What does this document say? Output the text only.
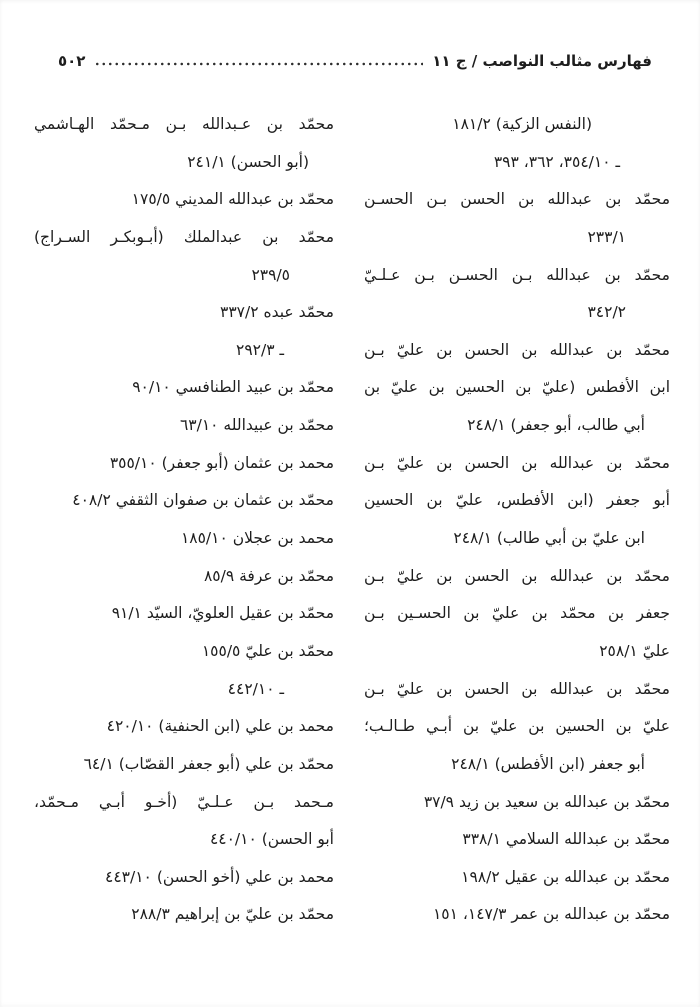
فهارس مثالب النواصب / ج ١١
٥٠٢
(النفس الزكية) ١٨١/٢
ـ ٣٥٤/١٠، ٣٦٢، ٣٩٣
محمّد بن عبدالله بن الحسن بـن الحسـن
٢٣٣/١
محمّد بن عبدالله بـن الحسـن بـن عـلـيّ
٣٤٢/٢
محمّد بن عبدالله بن الحسن بن عليّ بـن
ابن الأفطس (عليّ بن الحسين بن عليّ بن
أبي طالب، أبو جعفر) ٢٤٨/١
محمّد بن عبدالله بن الحسن بن عليّ بـن
أبو جعفر (ابن الأفطس، عليّ بن الحسين
ابن عليّ بن أبي طالب) ٢٤٨/١
محمّد بن عبدالله بن الحسن بن عليّ بـن
جعفر بن محمّد بن عليّ بن الحسـين بـن
عليّ ٢٥٨/١
محمّد بن عبدالله بن الحسن بن عليّ بـن
عليّ بن الحسين بن عليّ بن أبـي طـالـب؛
أبو جعفر (ابن الأفطس) ٢٤٨/١
محمّد بن عبدالله بن سعيد بن زيد ٣٧/٩
محمّد بن عبدالله السلامي ٣٣٨/١
محمّد بن عبدالله بن عقيل ١٩٨/٢
محمّد بن عبدالله بن عمر ١٤٧/٣، ١٥١
محمّد بن عـبدالله بـن مـحمّد الهـاشمي
(أبو الحسن) ٢٤١/١
محمّد بن عبدالله المديني ١٧٥/٥
محمّد بن عبدالملك (أبـوبكـر السـراج)
٢٣٩/٥
محمّد عبده ٣٣٧/٢
ـ ٢٩٢/٣
محمّد بن عبيد الطنافسي ٩٠/١٠
محمّد بن عبيدالله ٦٣/١٠
محمد بن عثمان (أبو جعفر) ٣٥٥/١٠
محمّد بن عثمان بن صفوان الثقفي ٤٠٨/٢
محمد بن عجلان ١٨٥/١٠
محمّد بن عرفة ٨٥/٩
محمّد بن عقيل العلويّ، السيّد ٩١/١
محمّد بن عليّ ١٥٥/٥
ـ ٤٤٢/١٠
محمد بن علي (ابن الحنفية) ٤٢٠/١٠
محمّد بن علي (أبو جعفر القصّاب) ٦٤/١
مـحمد بـن عـلـيّ (أخـو أبـي مـحمّد،
أبو الحسن) ٤٤٠/١٠
محمد بن علي (أخو الحسن) ٤٤٣/١٠
محمّد بن عليّ بن إبراهيم ٢٨٨/٣
